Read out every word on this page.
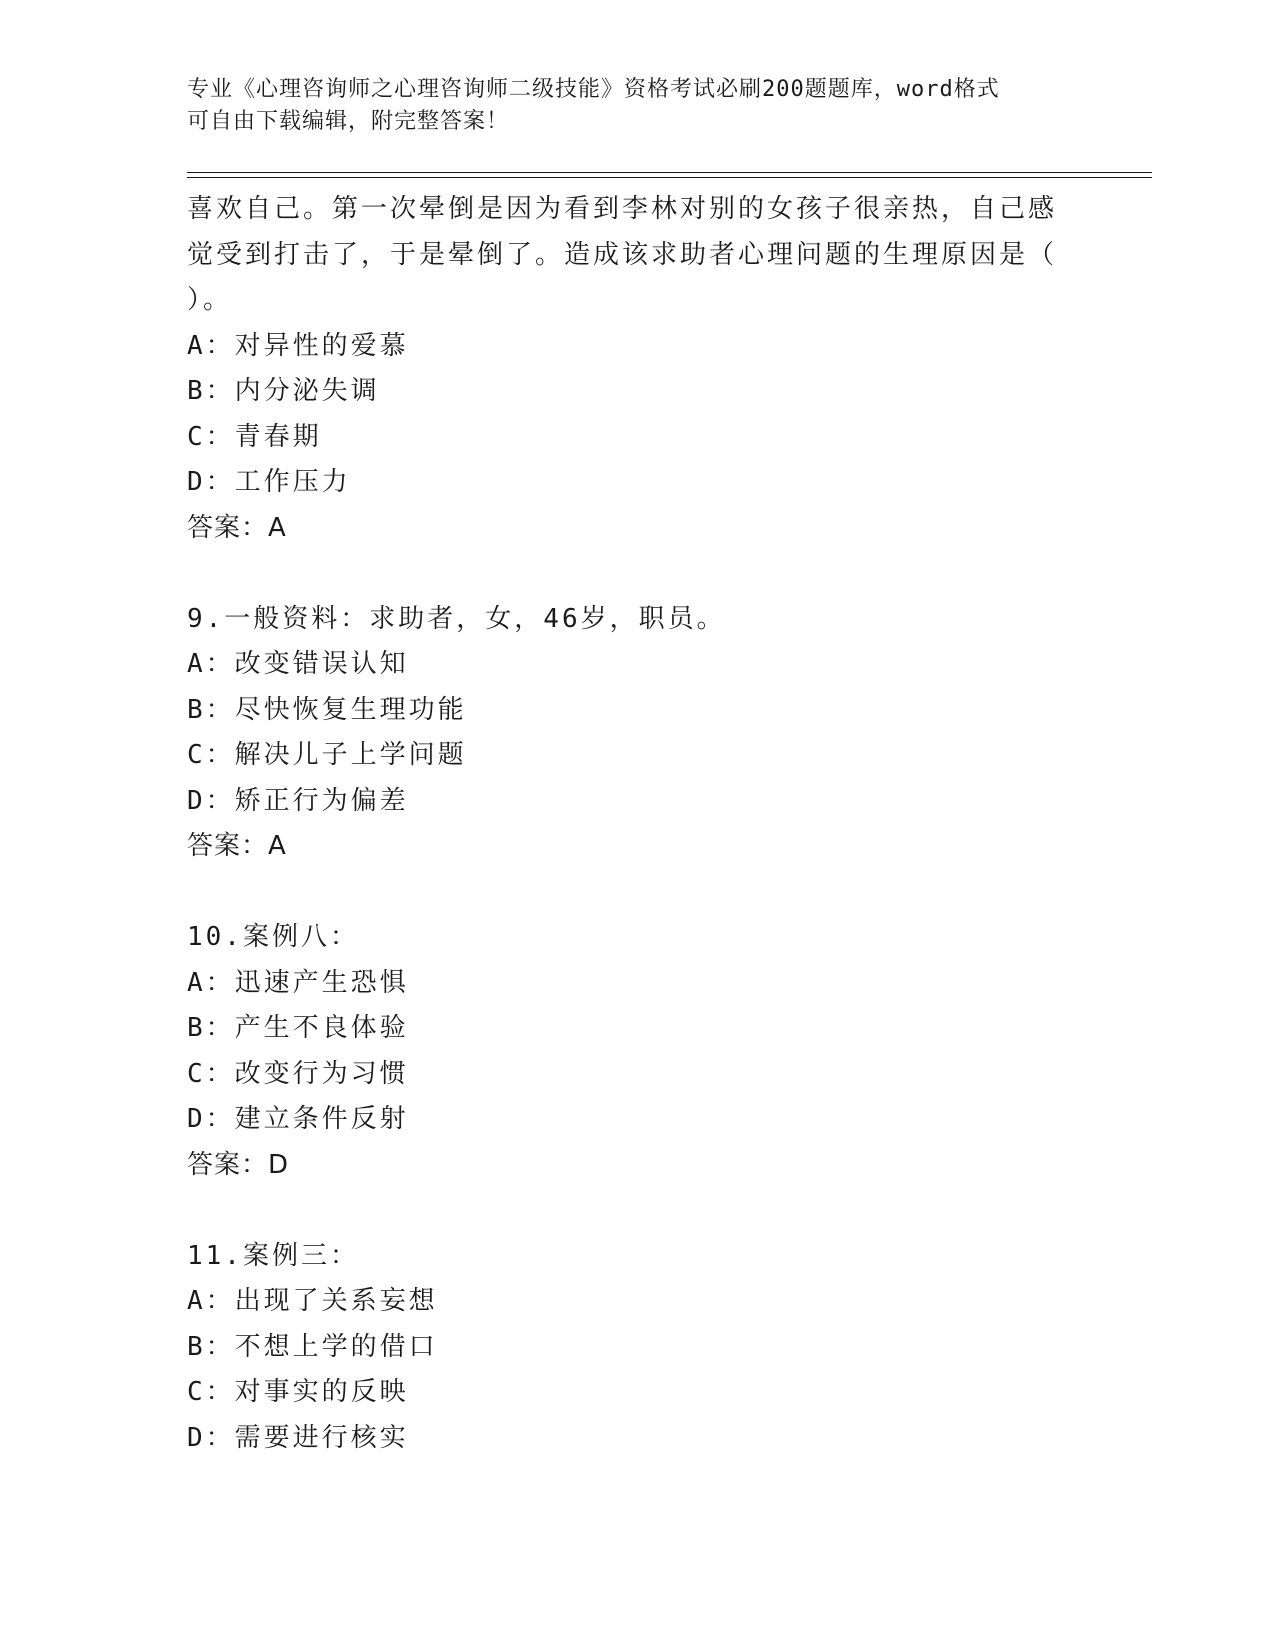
专业《心理咨询师之心理咨询师二级技能》资格考试必刷200题题库，word格式
可自由下载编辑，附完整答案！
喜欢自己。第一次晕倒是因为看到李林对别的女孩子很亲热，自己感
觉受到打击了，于是晕倒了。造成该求助者心理问题的生理原因是（
）。
A：对异性的爱慕
B：内分泌失调
C：青春期
D：工作压力
答案：A
9.一般资料：求助者，女，46岁，职员。
A：改变错误认知
B：尽快恢复生理功能
C：解决儿子上学问题
D：矫正行为偏差
答案：A
10.案例八：
A：迅速产生恐惧
B：产生不良体验
C：改变行为习惯
D：建立条件反射
答案：D
11.案例三：
A：出现了关系妄想
B：不想上学的借口
C：对事实的反映
D：需要进行核实
